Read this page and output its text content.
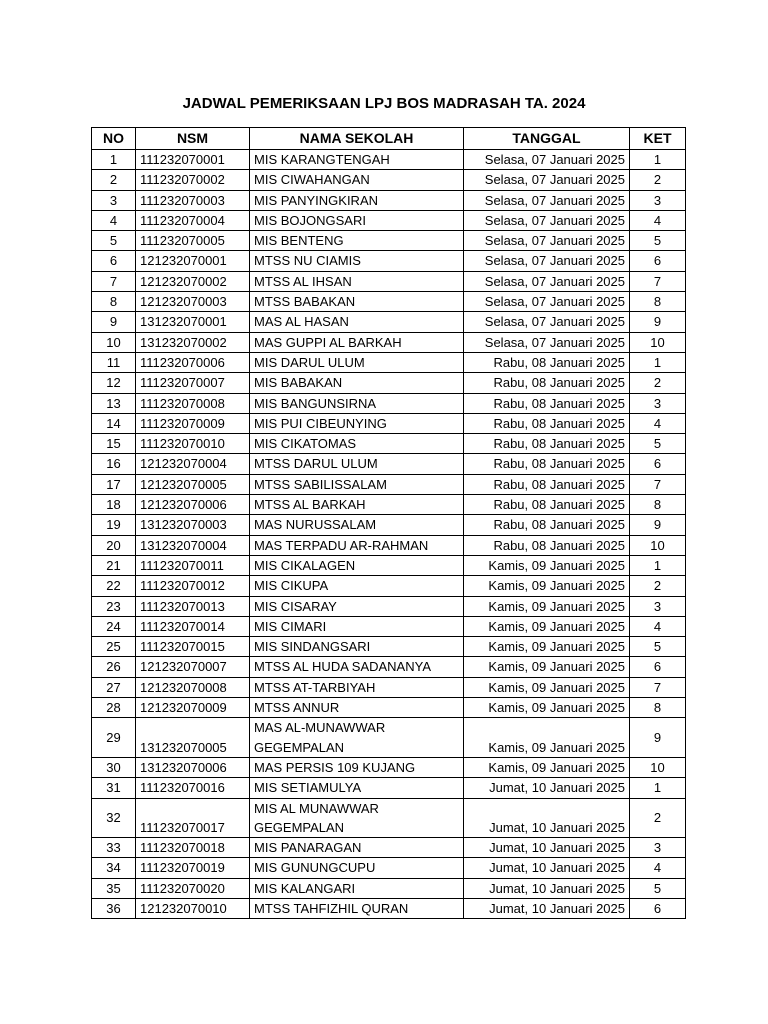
JADWAL PEMERIKSAAN LPJ BOS MADRASAH TA. 2024
NO	NSM	NAMA SEKOLAH	TANGGAL	KET
1	111232070001	MIS KARANGTENGAH	Selasa, 07 Januari 2025	1
2	111232070002	MIS CIWAHANGAN	Selasa, 07 Januari 2025	2
3	111232070003	MIS PANYINGKIRAN	Selasa, 07 Januari 2025	3
4	111232070004	MIS BOJONGSARI	Selasa, 07 Januari 2025	4
5	111232070005	MIS BENTENG	Selasa, 07 Januari 2025	5
6	121232070001	MTSS NU CIAMIS	Selasa, 07 Januari 2025	6
7	121232070002	MTSS AL IHSAN	Selasa, 07 Januari 2025	7
8	121232070003	MTSS BABAKAN	Selasa, 07 Januari 2025	8
9	131232070001	MAS AL HASAN	Selasa, 07 Januari 2025	9
10	131232070002	MAS GUPPI AL BARKAH	Selasa, 07 Januari 2025	10
11	111232070006	MIS DARUL ULUM	Rabu, 08 Januari 2025	1
12	111232070007	MIS BABAKAN	Rabu, 08 Januari 2025	2
13	111232070008	MIS BANGUNSIRNA	Rabu, 08 Januari 2025	3
14	111232070009	MIS PUI CIBEUNYING	Rabu, 08 Januari 2025	4
15	111232070010	MIS CIKATOMAS	Rabu, 08 Januari 2025	5
16	121232070004	MTSS DARUL ULUM	Rabu, 08 Januari 2025	6
17	121232070005	MTSS SABILISSALAM	Rabu, 08 Januari 2025	7
18	121232070006	MTSS AL BARKAH	Rabu, 08 Januari 2025	8
19	131232070003	MAS NURUSSALAM	Rabu, 08 Januari 2025	9
20	131232070004	MAS TERPADU AR-RAHMAN	Rabu, 08 Januari 2025	10
21	111232070011	MIS CIKALAGEN	Kamis, 09 Januari 2025	1
22	111232070012	MIS CIKUPA	Kamis, 09 Januari 2025	2
23	111232070013	MIS CISARAY	Kamis, 09 Januari 2025	3
24	111232070014	MIS CIMARI	Kamis, 09 Januari 2025	4
25	111232070015	MIS SINDANGSARI	Kamis, 09 Januari 2025	5
26	121232070007	MTSS AL HUDA SADANANYA	Kamis, 09 Januari 2025	6
27	121232070008	MTSS AT-TARBIYAH	Kamis, 09 Januari 2025	7
28	121232070009	MTSS ANNUR	Kamis, 09 Januari 2025	8
29	131232070005	MAS AL-MUNAWWAR GEGEMPALAN	Kamis, 09 Januari 2025	9
30	131232070006	MAS PERSIS 109 KUJANG	Kamis, 09 Januari 2025	10
31	111232070016	MIS SETIAMULYA	Jumat, 10 Januari 2025	1
32	111232070017	MIS AL MUNAWWAR GEGEMPALAN	Jumat, 10 Januari 2025	2
33	111232070018	MIS PANARAGAN	Jumat, 10 Januari 2025	3
34	111232070019	MIS GUNUNGCUPU	Jumat, 10 Januari 2025	4
35	111232070020	MIS KALANGARI	Jumat, 10 Januari 2025	5
36	121232070010	MTSS TAHFIZHIL QURAN	Jumat, 10 Januari 2025	6
